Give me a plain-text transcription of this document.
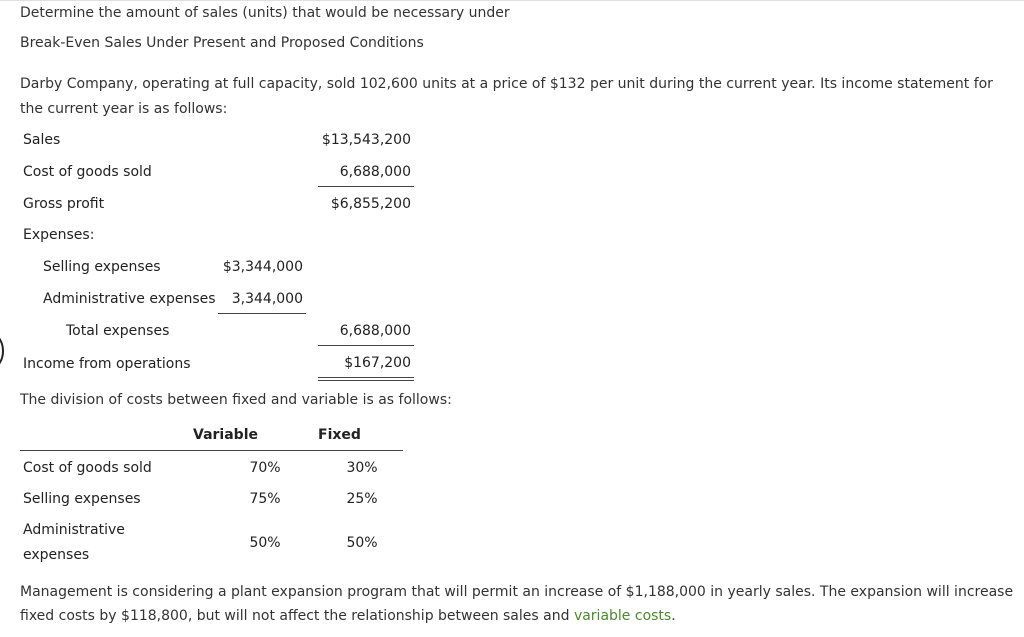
Determine the amount of sales (units) that would be necessary under
Break-Even Sales Under Present and Proposed Conditions
Darby Company, operating at full capacity, sold 102,600 units at a price of $132 per unit during the current year. Its income statement for the current year is as follows:
Sales	$13,543,200
Cost of goods sold	6,688,000
Gross profit	$6,855,200
Expenses:
Selling expenses	$3,344,000
Administrative expenses	3,344,000
Total expenses	6,688,000
Income from operations	$167,200
The division of costs between fixed and variable is as follows:
Variable	Fixed
Cost of goods sold	70%	30%
Selling expenses	75%	25%
Administrative
expenses
50%	50%
Management is considering a plant expansion program that will permit an increase of $1,188,000 in yearly sales. The expansion will increase fixed costs by $118,800, but will not affect the relationship between sales and variable costs.
